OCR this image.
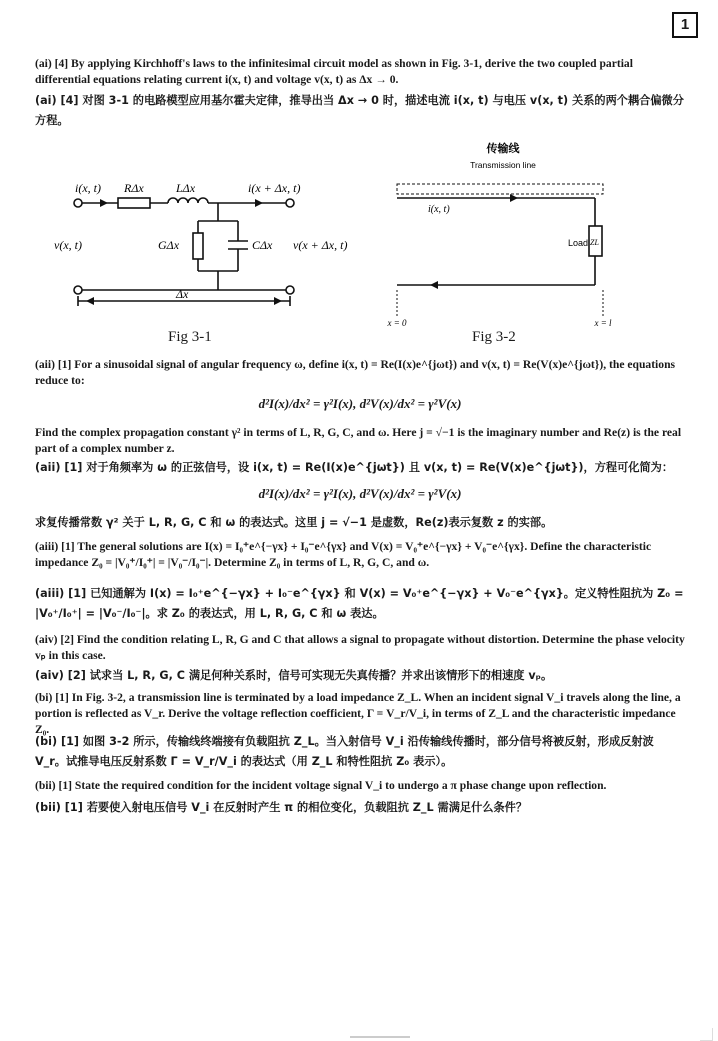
1

(ai) [4] By applying Kirchhoff's laws to the infinitesimal circuit model as shown in Fig. 3-1, derive the two coupled partial differential equations relating current i(x, t) and voltage v(x, t) as Δx → 0.

(ai) [4] 对图 3-1 的电路模型应用基尔霍夫定律，推导出当 Δx → 0 时，描述电流 i(x, t) 与电压 v(x, t) 关系的两个耦合偏微分方程。

i(x, t) RΔx	LΔx	i(x + Δx, t)
v(x, t)	GΔx	CΔx v(x + Δx, t)
Δx
Fig 3-1
传输线
Transmission line
i(x, t)
Load ZL
x = 0	x = l
Fig 3-2

(aii) [1] For a sinusoidal signal of angular frequency ω, define i(x, t) = Re(I(x)e^{jωt}) and v(x, t) = Re(V(x)e^{jωt}), the equations reduce to:

d²I(x)/dx² = γ²I(x), d²V(x)/dx² = γ²V(x)

Find the complex propagation constant γ² in terms of L, R, G, C, and ω. Here j = √−1 is the imaginary number and Re(z) is the real part of a complex number z.

(aii) [1] 对于角频率为 ω 的正弦信号，设 i(x, t) = Re(I(x)e^{jωt}) 且 v(x, t) = Re(V(x)e^{jωt})，方程可化简为：

d²I(x)/dx² = γ²I(x), d²V(x)/dx² = γ²V(x)

求复传播常数 γ² 关于 L, R, G, C 和 ω 的表达式。这里 j = √−1 是虚数，Re(z)表示复数 z 的实部。

(aiii) [1] The general solutions are I(x) = I₀⁺e^{−γx} + I₀⁻e^{γx} and V(x) = V₀⁺e^{−γx} + V₀⁻e^{γx}. Define the characteristic impedance Z₀ = |V₀⁺/I₀⁺| = |V₀⁻/I₀⁻|. Determine Z₀ in terms of L, R, G, C, and ω.

(aiii) [1] 已知通解为 I(x) = I₀⁺e^{−γx} + I₀⁻e^{γx} 和 V(x) = V₀⁺e^{−γx} + V₀⁻e^{γx}。定义特性阻抗为 Z₀ = |V₀⁺/I₀⁺| = |V₀⁻/I₀⁻|。求 Z₀ 的表达式，用 L, R, G, C 和 ω 表达。

(aiv) [2] Find the condition relating L, R, G and C that allows a signal to propagate without distortion. Determine the phase velocity vₚ in this case.

(aiv) [2] 试求当 L, R, G, C 满足何种关系时，信号可实现无失真传播？并求出该情形下的相速度 vₚ。

(bi) [1] In Fig. 3-2, a transmission line is terminated by a load impedance Z_L. When an incident signal V_i travels along the line, a portion is reflected as V_r. Derive the voltage reflection coefficient, Γ = V_r/V_i, in terms of Z_L and the characteristic impedance Z₀.

(bi) [1] 如图 3-2 所示，传输线终端接有负载阻抗 Z_L。当入射信号 V_i 沿传输线传播时，部分信号将被反射，形成反射波 V_r。试推导电压反射系数 Γ = V_r/V_i 的表达式（用 Z_L 和特性阻抗 Z₀ 表示）。

(bii) [1] State the required condition for the incident voltage signal V_i to undergo a π phase change upon reflection.

(bii) [1] 若要使入射电压信号 V_i 在反射时产生 π 的相位变化，负载阻抗 Z_L 需满足什么条件？
